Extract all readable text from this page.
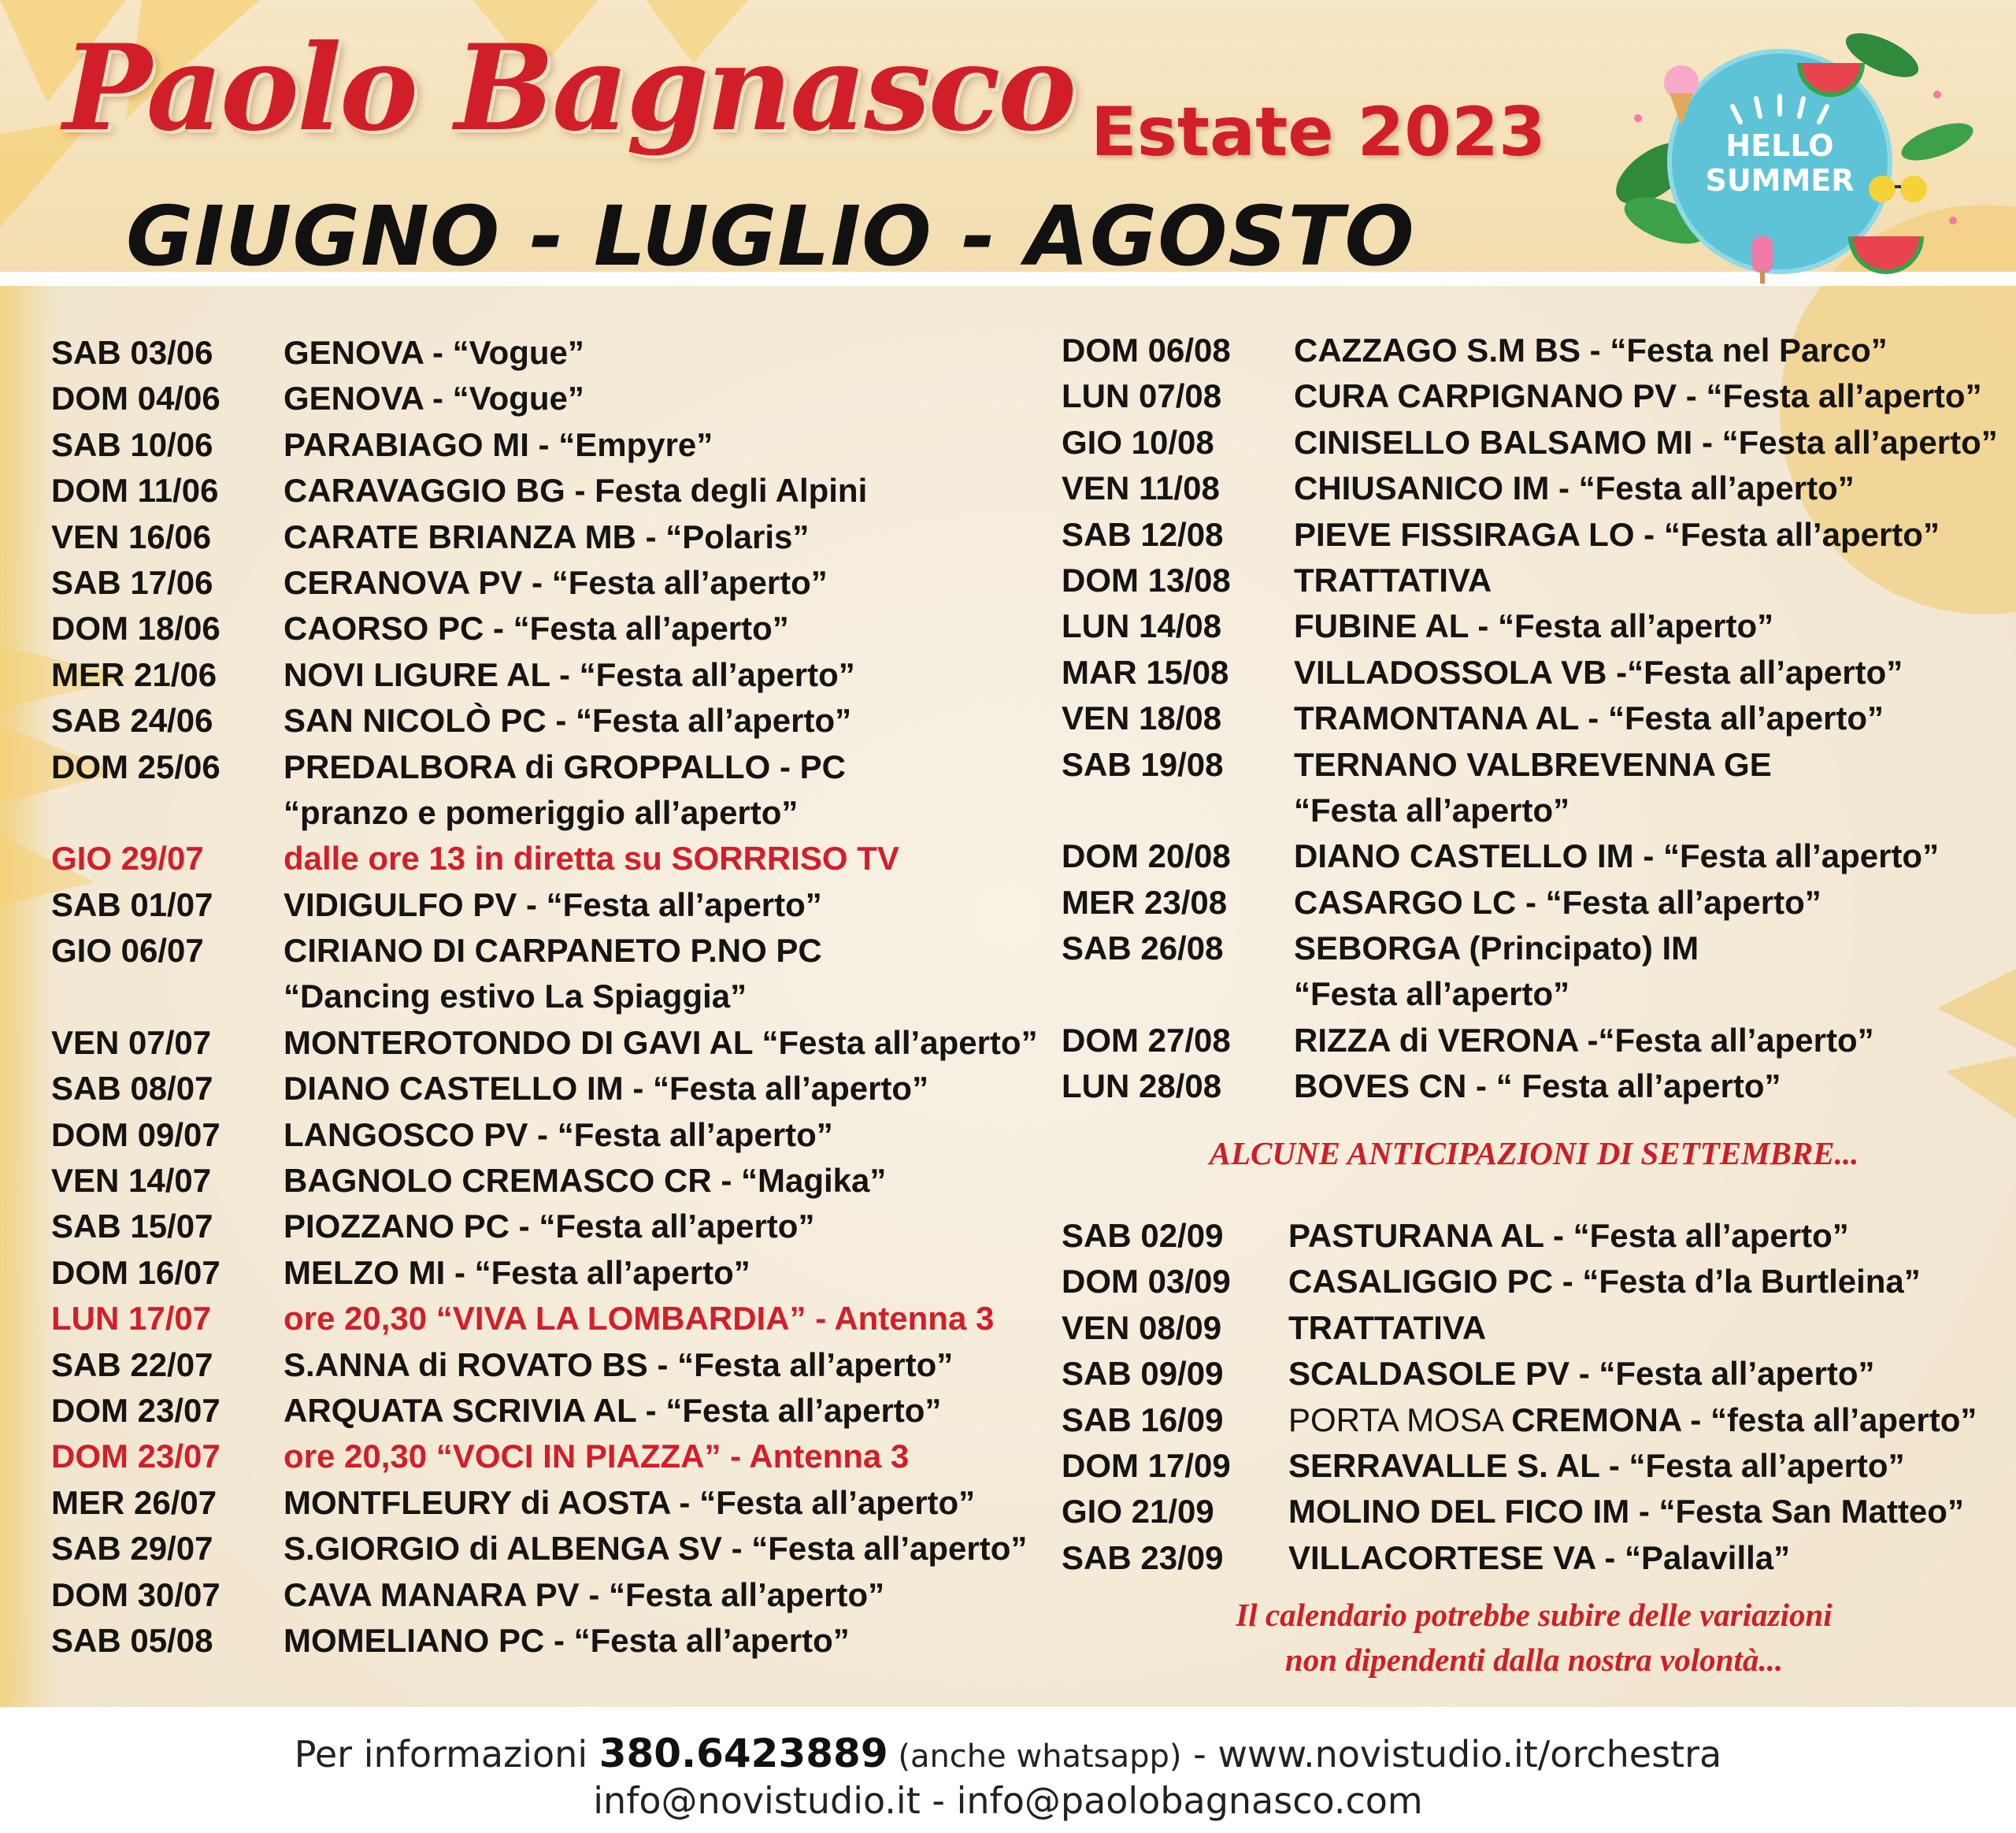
Paolo Bagnasco Estate 2023
GIUGNO - LUGLIO - AGOSTO
HELLO
SUMMER
SAB 03/06	GENOVA - “Vogue”
DOM 04/06	GENOVA - “Vogue”
SAB 10/06	PARABIAGO MI - “Empyre”
DOM 11/06	CARAVAGGIO BG - Festa degli Alpini
VEN 16/06	CARATE BRIANZA MB - “Polaris”
SAB 17/06	CERANOVA PV - “Festa all’aperto”
DOM 18/06	CAORSO PC - “Festa all’aperto”
MER 21/06	NOVI LIGURE AL - “Festa all’aperto”
SAB 24/06	SAN NICOLÒ PC - “Festa all’aperto”
DOM 25/06	PREDALBORA di GROPPALLO - PC
“pranzo e pomeriggio all’aperto”
GIO 29/07	dalle ore 13 in diretta su SORRRISO TV
SAB 01/07	VIDIGULFO PV - “Festa all’aperto”
GIO 06/07	CIRIANO DI CARPANETO P.NO PC
“Dancing estivo La Spiaggia”
VEN 07/07	MONTEROTONDO DI GAVI AL “Festa all’aperto”
SAB 08/07	DIANO CASTELLO IM - “Festa all’aperto”
DOM 09/07	LANGOSCO PV - “Festa all’aperto”
VEN 14/07	BAGNOLO CREMASCO CR - “Magika”
SAB 15/07	PIOZZANO PC - “Festa all’aperto”
DOM 16/07	MELZO MI - “Festa all’aperto”
LUN 17/07	ore 20,30 “VIVA LA LOMBARDIA” - Antenna 3
SAB 22/07	S.ANNA di ROVATO BS - “Festa all’aperto”
DOM 23/07	ARQUATA SCRIVIA AL - “Festa all’aperto”
DOM 23/07	ore 20,30 “VOCI IN PIAZZA” - Antenna 3
MER 26/07	MONTFLEURY di AOSTA - “Festa all’aperto”
SAB 29/07	S.GIORGIO di ALBENGA SV - “Festa all’aperto”
DOM 30/07	CAVA MANARA PV - “Festa all’aperto”
SAB 05/08	MOMELIANO PC - “Festa all’aperto”
DOM 06/08	CAZZAGO S.M BS - “Festa nel Parco”
LUN 07/08	CURA CARPIGNANO PV - “Festa all’aperto”
GIO 10/08	CINISELLO BALSAMO MI - “Festa all’aperto”
VEN 11/08	CHIUSANICO IM - “Festa all’aperto”
SAB 12/08	PIEVE FISSIRAGA LO - “Festa all’aperto”
DOM 13/08	TRATTATIVA
LUN 14/08	FUBINE AL - “Festa all’aperto”
MAR 15/08	VILLADOSSOLA VB -“Festa all’aperto”
VEN 18/08	TRAMONTANA AL - “Festa all’aperto”
SAB 19/08	TERNANO VALBREVENNA GE
“Festa all’aperto”
DOM 20/08	DIANO CASTELLO IM - “Festa all’aperto”
MER 23/08	CASARGO LC - “Festa all’aperto”
SAB 26/08	SEBORGA (Principato) IM
“Festa all’aperto”
DOM 27/08	RIZZA di VERONA -“Festa all’aperto”
LUN 28/08	BOVES CN - “ Festa all’aperto”
ALCUNE ANTICIPAZIONI DI SETTEMBRE...
SAB 02/09	PASTURANA AL - “Festa all’aperto”
DOM 03/09	CASALIGGIO PC - “Festa d’la Burtleina”
VEN 08/09	TRATTATIVA
SAB 09/09	SCALDASOLE PV - “Festa all’aperto”
SAB 16/09	PORTA MOSA CREMONA - “festa all’aperto”
DOM 17/09	SERRAVALLE S. AL - “Festa all’aperto”
GIO 21/09	MOLINO DEL FICO IM - “Festa San Matteo”
SAB 23/09	VILLACORTESE VA - “Palavilla”
Il calendario potrebbe subire delle variazioni
non dipendenti dalla nostra volontà...
Per informazioni 380.6423889 (anche whatsapp) - www.novistudio.it/orchestra
info@novistudio.it - info@paolobagnasco.com
